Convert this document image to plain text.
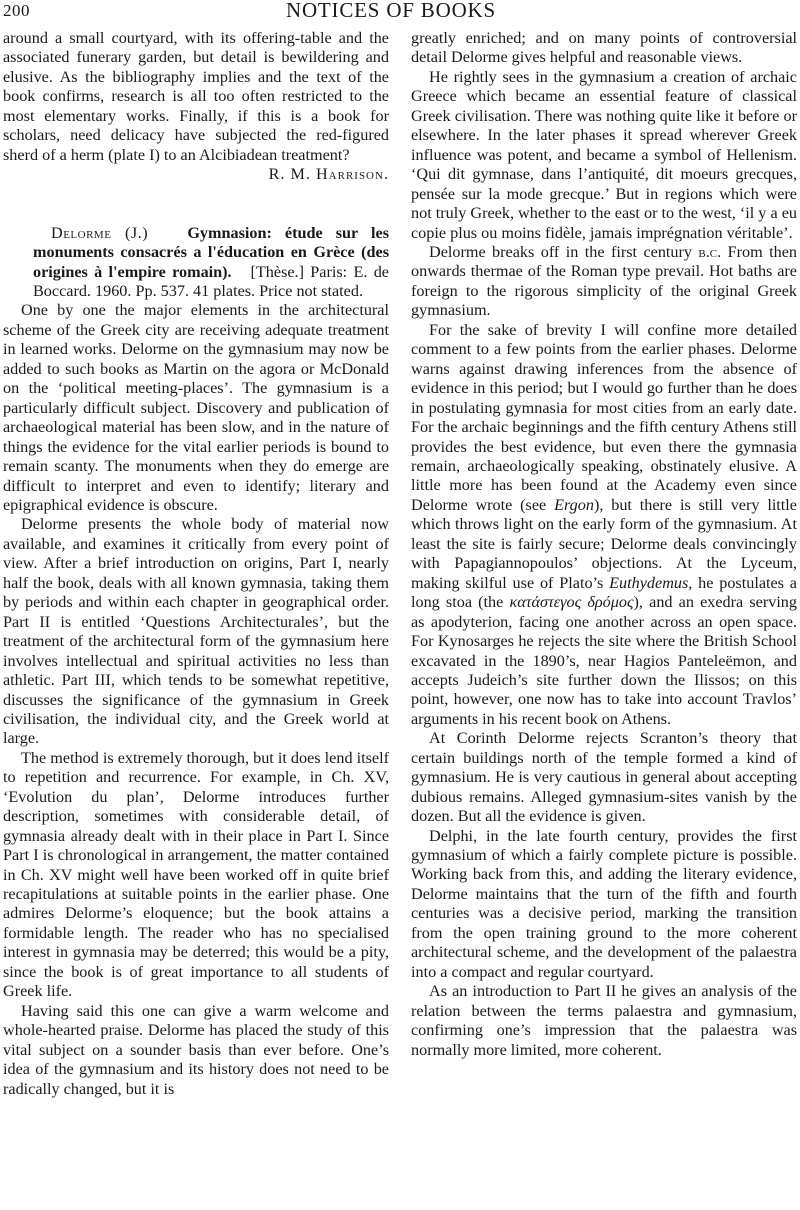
200	NOTICES OF BOOKS

around a small courtyard, with its offering-table and the associated funerary garden, but detail is bewildering and elusive. As the bibliography implies and the text of the book confirms, research is all too often restricted to the most elementary works. Finally, if this is a book for scholars, need delicacy have subjected the red-figured sherd of a herm (plate I) to an Alcibiadean treatment?

R. M. Harrison.

Delorme (J.) Gymnasion: étude sur les monuments consacrés a l'éducation en Grèce (des origines à l'empire romain). [Thèse.] Paris: E. de Boccard. 1960. Pp. 537. 41 plates. Price not stated.

One by one the major elements in the architectural scheme of the Greek city are receiving adequate treatment in learned works. Delorme on the gymnasium may now be added to such books as Martin on the agora or McDonald on the ‘political meeting-places’. The gymnasium is a particularly difficult subject. Discovery and publication of archaeological material has been slow, and in the nature of things the evidence for the vital earlier periods is bound to remain scanty. The monuments when they do emerge are difficult to interpret and even to identify; literary and epigraphical evidence is obscure.

Delorme presents the whole body of material now available, and examines it critically from every point of view. After a brief introduction on origins, Part I, nearly half the book, deals with all known gymnasia, taking them by periods and within each chapter in geographical order. Part II is entitled ‘Questions Architecturales’, but the treatment of the architectural form of the gymnasium here involves intellectual and spiritual activities no less than athletic. Part III, which tends to be somewhat repetitive, discusses the significance of the gymnasium in Greek civilisation, the individual city, and the Greek world at large.

The method is extremely thorough, but it does lend itself to repetition and recurrence. For example, in Ch. XV, ‘Evolution du plan’, Delorme introduces further description, sometimes with considerable detail, of gymnasia already dealt with in their place in Part I. Since Part I is chronological in arrangement, the matter contained in Ch. XV might well have been worked off in quite brief recapitulations at suitable points in the earlier phase. One admires Delorme’s eloquence; but the book attains a formidable length. The reader who has no specialised interest in gymnasia may be deterred; this would be a pity, since the book is of great importance to all students of Greek life.

Having said this one can give a warm welcome and whole-hearted praise. Delorme has placed the study of this vital subject on a sounder basis than ever before. One’s idea of the gymnasium and its history does not need to be radically changed, but it is

greatly enriched; and on many points of controversial detail Delorme gives helpful and reasonable views.

He rightly sees in the gymnasium a creation of archaic Greece which became an essential feature of classical Greek civilisation. There was nothing quite like it before or elsewhere. In the later phases it spread wherever Greek influence was potent, and became a symbol of Hellenism. ‘Qui dit gymnase, dans l’antiquité, dit moeurs grecques, pensée sur la mode grecque.’ But in regions which were not truly Greek, whether to the east or to the west, ‘il y a eu copie plus ou moins fidèle, jamais imprégnation véritable’.

Delorme breaks off in the first century b.c. From then onwards thermae of the Roman type prevail. Hot baths are foreign to the rigorous simplicity of the original Greek gymnasium.

For the sake of brevity I will confine more detailed comment to a few points from the earlier phases. Delorme warns against drawing inferences from the absence of evidence in this period; but I would go further than he does in postulating gymnasia for most cities from an early date. For the archaic beginnings and the fifth century Athens still provides the best evidence, but even there the gymnasia remain, archaeologically speaking, obstinately elusive. A little more has been found at the Academy even since Delorme wrote (see Ergon), but there is still very little which throws light on the early form of the gymnasium. At least the site is fairly secure; Delorme deals convincingly with Papagiannopoulos’ objections. At the Lyceum, making skilful use of Plato’s Euthydemus, he postulates a long stoa (the κατάστεγος δρόμος), and an exedra serving as apodyterion, facing one another across an open space. For Kynosarges he rejects the site where the British School excavated in the 1890’s, near Hagios Panteleëmon, and accepts Judeich’s site further down the Ilissos; on this point, however, one now has to take into account Travlos’ arguments in his recent book on Athens.

At Corinth Delorme rejects Scranton’s theory that certain buildings north of the temple formed a kind of gymnasium. He is very cautious in general about accepting dubious remains. Alleged gymnasium-sites vanish by the dozen. But all the evidence is given.

Delphi, in the late fourth century, provides the first gymnasium of which a fairly complete picture is possible. Working back from this, and adding the literary evidence, Delorme maintains that the turn of the fifth and fourth centuries was a decisive period, marking the transition from the open training ground to the more coherent architectural scheme, and the development of the palaestra into a compact and regular courtyard.

As an introduction to Part II he gives an analysis of the relation between the terms palaestra and gymnasium, confirming one’s impression that the palaestra was normally more limited, more coherent.
